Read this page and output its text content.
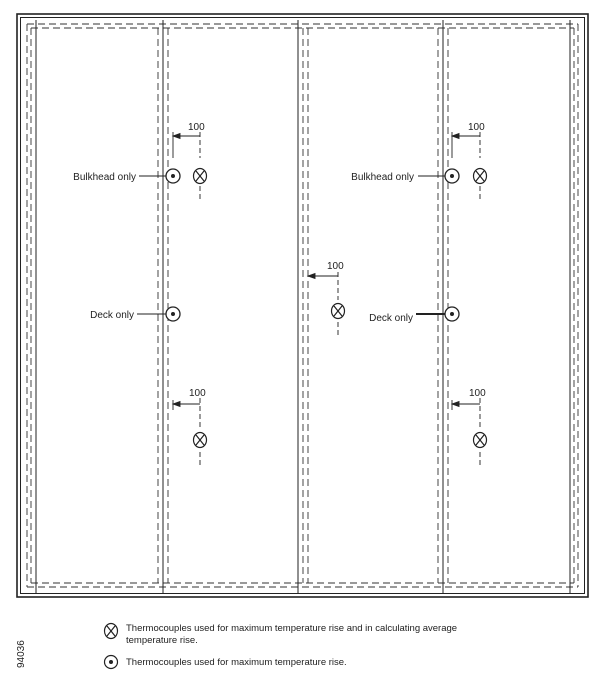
100	100
100
100	100
Bulkhead only	Bulkhead only
Deck only	Deck only
Thermocouples used for maximum temperature rise and in calculating average
temperature rise.
Thermocouples used for maximum temperature rise.
94036
